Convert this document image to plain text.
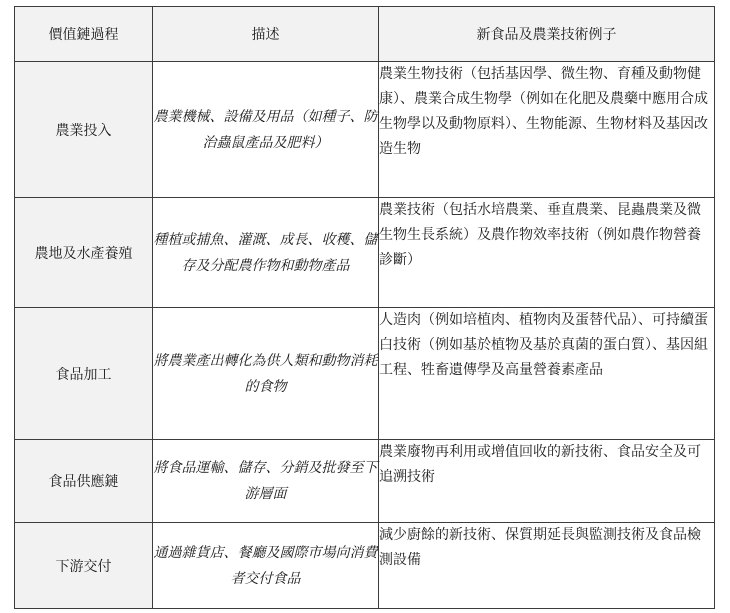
價值鏈過程	描述	新食品及農業技術例子
農業投入	農業機械、設備及用品（如種子、防治蟲鼠產品及肥料）	農業生物技術（包括基因學、微生物、育種及動物健康）、農業合成生物學（例如在化肥及農藥中應用合成生物學以及動物原料）、生物能源、生物材料及基因改造生物
農地及水產養殖	種植或捕魚、灌溉、成長、收穫、儲存及分配農作物和動物產品	農業技術（包括水培農業、垂直農業、昆蟲農業及微生物生長系統）及農作物效率技術（例如農作物營養診斷）
食品加工	將農業產出轉化為供人類和動物消耗的食物	人造肉（例如培植肉、植物肉及蛋替代品）、可持續蛋白技術（例如基於植物及基於真菌的蛋白質）、基因組工程、牲畜遺傳學及高量營養素產品
食品供應鏈	將食品運輸、儲存、分銷及批發至下游層面	農業廢物再利用或增值回收的新技術、食品安全及可追溯技術
下游交付	通過雜貨店、餐廳及國際市場向消費者交付食品	減少廚餘的新技術、保質期延長與監測技術及食品檢測設備
